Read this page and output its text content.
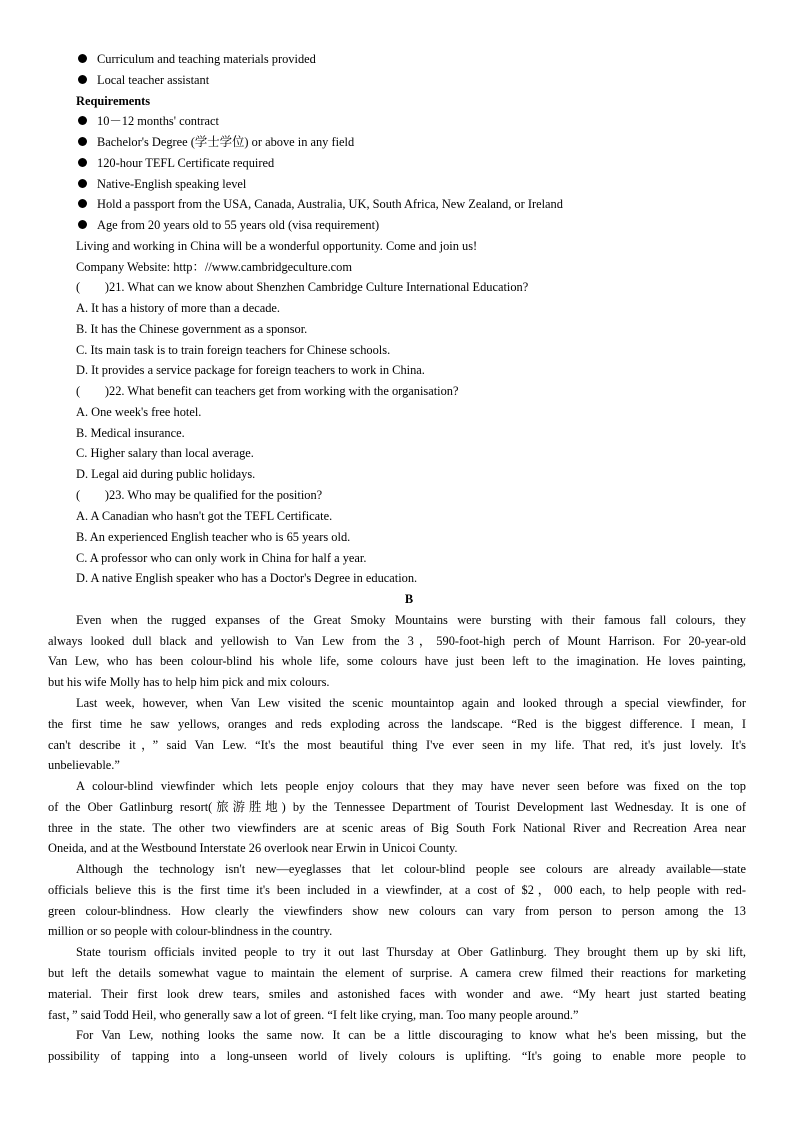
Curriculum and teaching materials provided
Local teacher assistant
Requirements
10－12 months' contract
Bachelor's Degree (学士学位) or above in any field
120-hour TEFL Certificate required
Native-English speaking level
Hold a passport from the USA, Canada, Australia, UK, South Africa, New Zealand, or Ireland
Age from 20 years old to 55 years old (visa requirement)
Living and working in China will be a wonderful opportunity. Come and join us!
Company Website: http：//www.cambridgeculture.com
(　　)21. What can we know about Shenzhen Cambridge Culture International Education?
A. It has a history of more than a decade.
B. It has the Chinese government as a sponsor.
C. Its main task is to train foreign teachers for Chinese schools.
D. It provides a service package for foreign teachers to work in China.
(　　)22. What benefit can teachers get from working with the organisation?
A. One week's free hotel.
B. Medical insurance.
C. Higher salary than local average.
D. Legal aid during public holidays.
(　　)23. Who may be qualified for the position?
A. A Canadian who hasn't got the TEFL Certificate.
B. An experienced English teacher who is 65 years old.
C. A professor who can only work in China for half a year.
D. A native English speaker who has a Doctor's Degree in education.
B
Even when the rugged expanses of the Great Smoky Mountains were bursting with their famous fall colours, they
always looked dull black and yellowish to Van Lew from the 3，590-foot-high perch of Mount Harrison. For 20-year-old
Van Lew, who has been colour-blind his whole life, some colours have just been left to the imagination. He loves painting,
but his wife Molly has to help him pick and mix colours.
Last week, however, when Van Lew visited the scenic mountaintop again and looked through a special viewfinder, for
the first time he saw yellows, oranges and reds exploding across the landscape. “Red is the biggest difference. I mean, I
can't describe it，” said Van Lew. “It's the most beautiful thing I've ever seen in my life. That red, it's just lovely. It's
unbelievable.”
A colour-blind viewfinder which lets people enjoy colours that they may have never seen before was fixed on the top
of the Ober Gatlinburg resort(旅游胜地) by the Tennessee Department of Tourist Development last Wednesday. It is one of
three in the state. The other two viewfinders are at scenic areas of Big South Fork National River and Recreation Area near
Oneida, and at the Westbound Interstate 26 overlook near Erwin in Unicoi County.
Although the technology isn't new—eyeglasses that let colour-blind people see colours are already available—state
officials believe this is the first time it's been included in a viewfinder, at a cost of $2，000 each, to help people with red-
green colour-blindness. How clearly the viewfinders show new colours can vary from person to person among the 13
million or so people with colour-blindness in the country.
State tourism officials invited people to try it out last Thursday at Ober Gatlinburg. They brought them up by ski lift,
but left the details somewhat vague to maintain the element of surprise. A camera crew filmed their reactions for marketing
material. Their first look drew tears, smiles and astonished faces with wonder and awe. “My heart just started beating
fast，” said Todd Heil, who generally saw a lot of green. “I felt like crying, man. Too many people around.”
For Van Lew, nothing looks the same now. It can be a little discouraging to know what he's been missing, but the
possibility of tapping into a long-unseen world of lively colours is uplifting. “It's going to enable more people to
